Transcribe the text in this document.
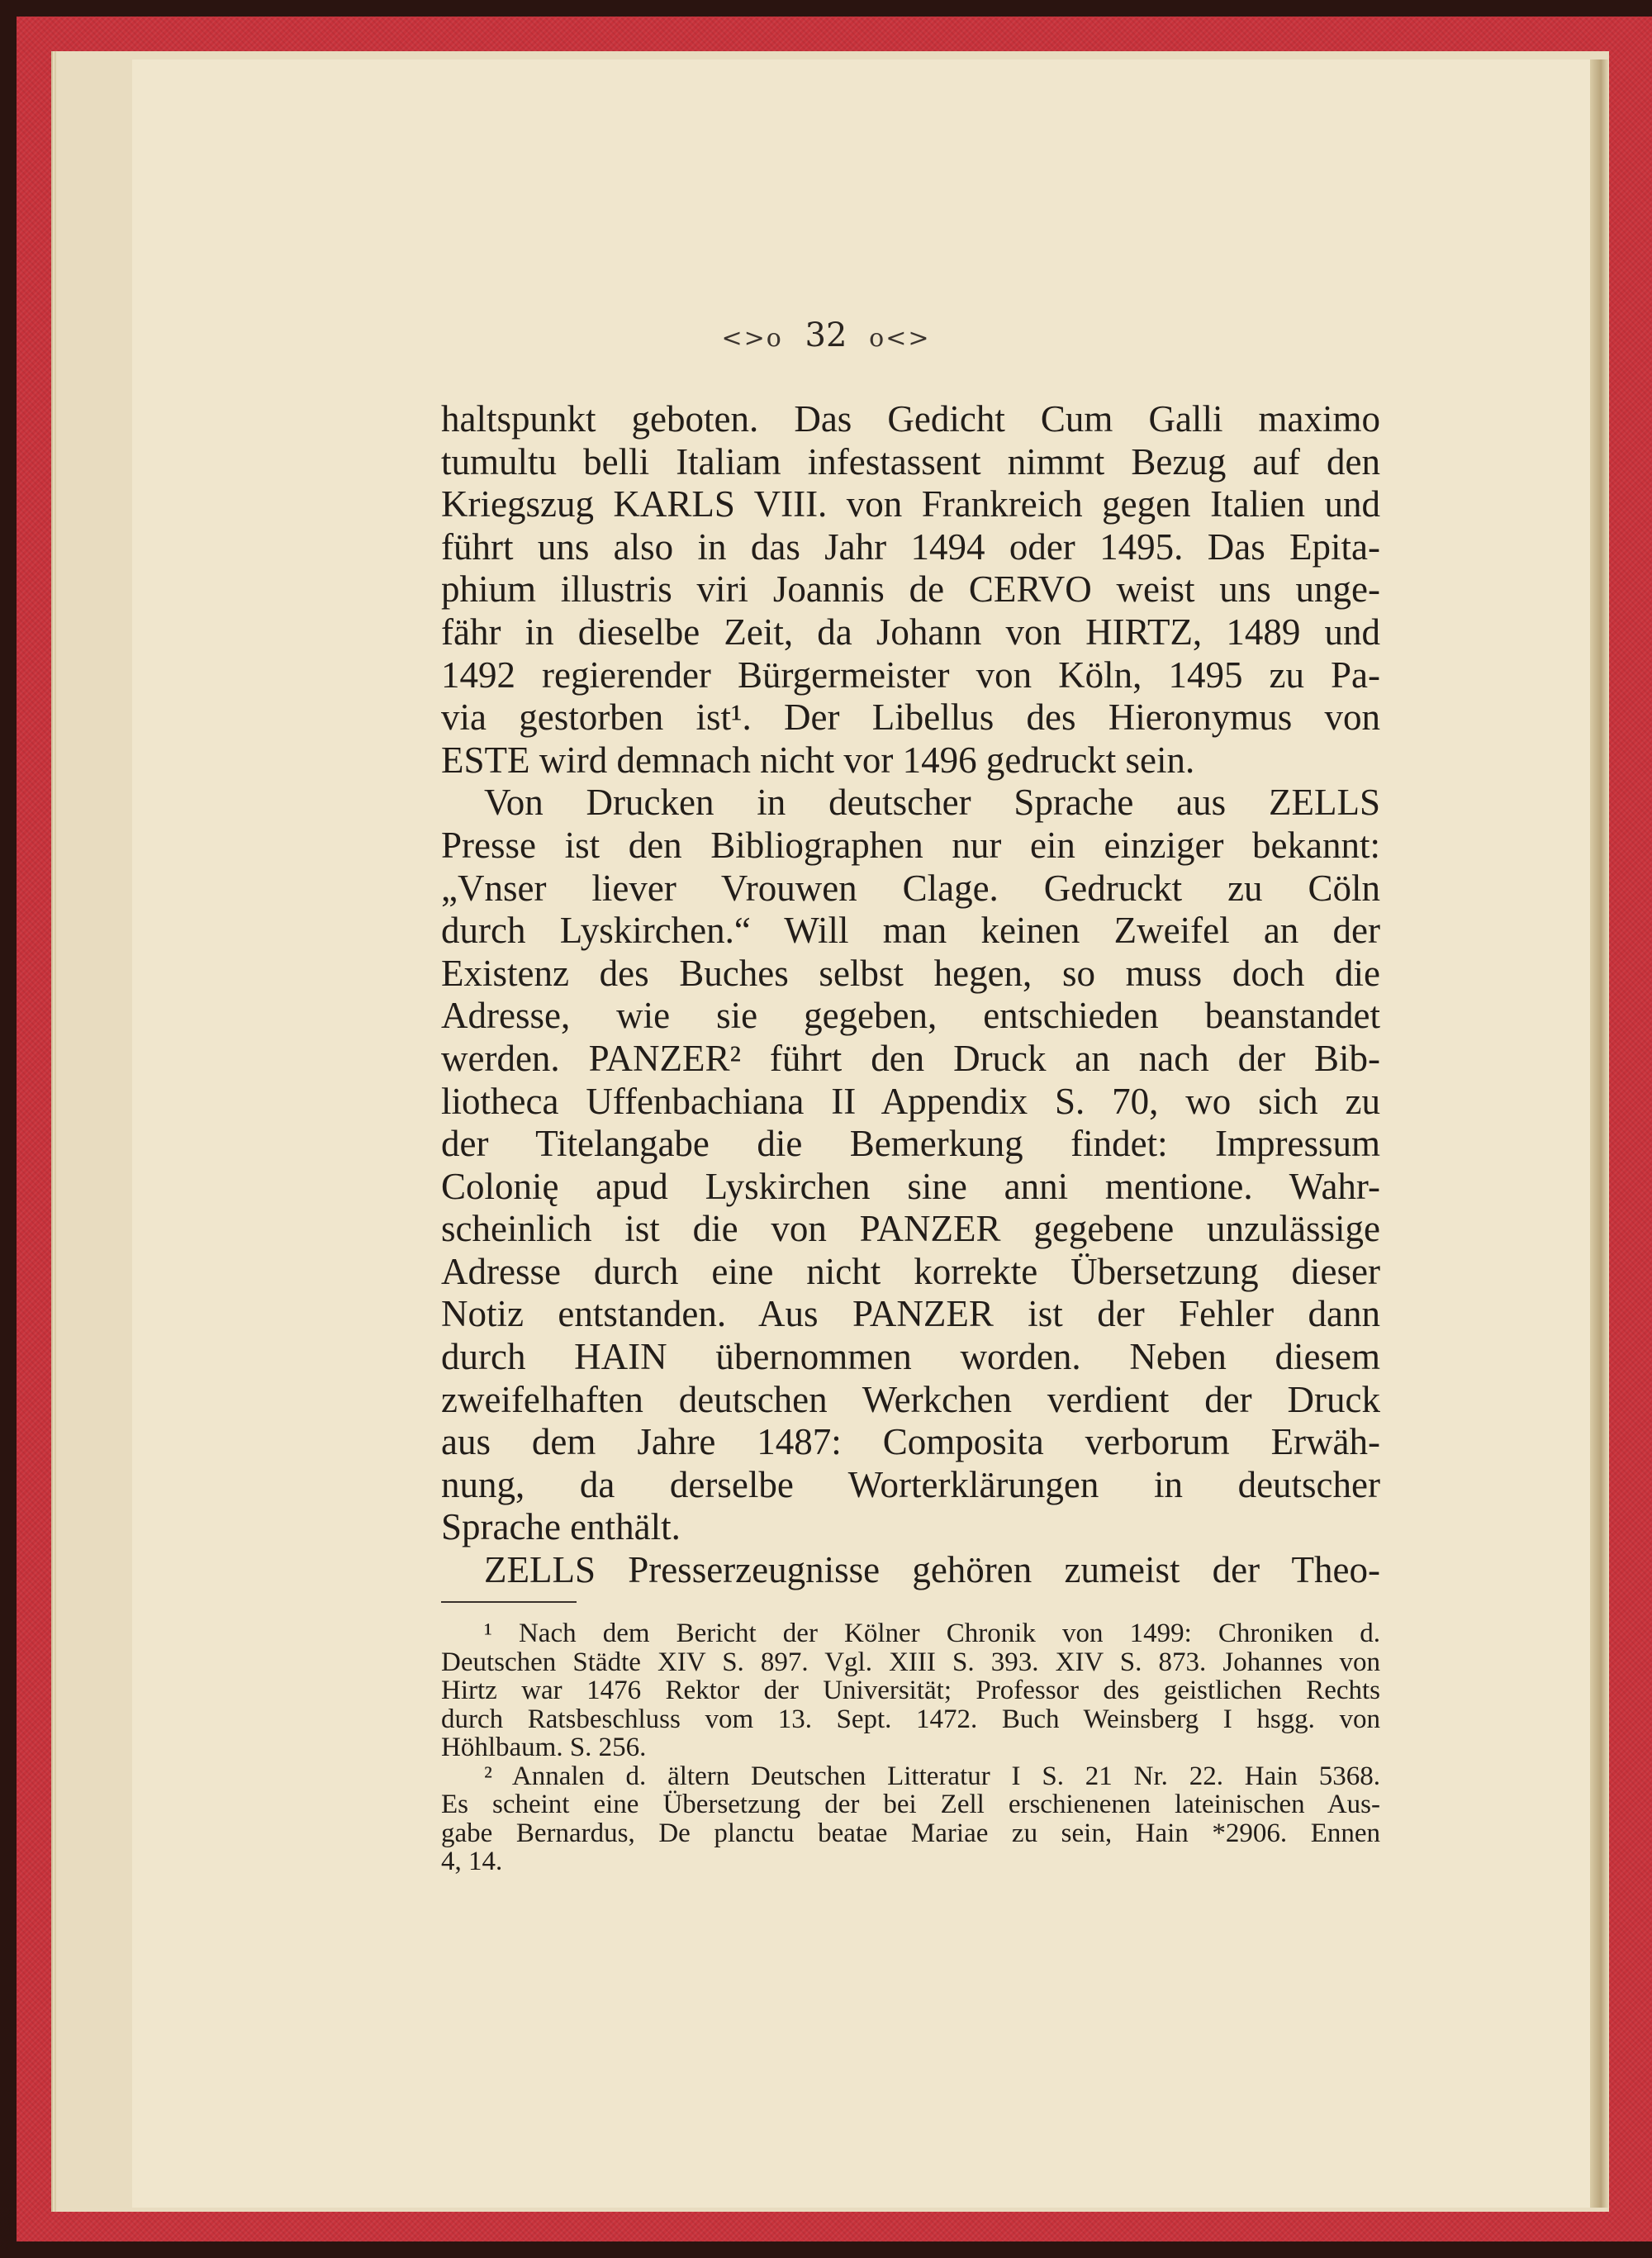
<>o 32 o<>
haltspunkt geboten. Das Gedicht Cum Galli maximo
tumultu belli Italiam infestassent nimmt Bezug auf den
Kriegszug KARLS VIII. von Frankreich gegen Italien und
führt uns also in das Jahr 1494 oder 1495. Das Epita-
phium illustris viri Joannis de CERVO weist uns unge-
fähr in dieselbe Zeit, da Johann von HIRTZ, 1489 und
1492 regierender Bürgermeister von Köln, 1495 zu Pa-
via gestorben ist¹. Der Libellus des Hieronymus von
ESTE wird demnach nicht vor 1496 gedruckt sein.
Von Drucken in deutscher Sprache aus ZELLS
Presse ist den Bibliographen nur ein einziger bekannt:
„Vnser liever Vrouwen Clage. Gedruckt zu Cöln
durch Lyskirchen.“ Will man keinen Zweifel an der
Existenz des Buches selbst hegen, so muss doch die
Adresse, wie sie gegeben, entschieden beanstandet
werden. PANZER² führt den Druck an nach der Bib-
liotheca Uffenbachiana II Appendix S. 70, wo sich zu
der Titelangabe die Bemerkung findet: Impressum
Colonię apud Lyskirchen sine anni mentione. Wahr-
scheinlich ist die von PANZER gegebene unzulässige
Adresse durch eine nicht korrekte Übersetzung dieser
Notiz entstanden. Aus PANZER ist der Fehler dann
durch HAIN übernommen worden. Neben diesem
zweifelhaften deutschen Werkchen verdient der Druck
aus dem Jahre 1487: Composita verborum Erwäh-
nung, da derselbe Worterklärungen in deutscher
Sprache enthält.
ZELLS Presserzeugnisse gehören zumeist der Theo-
¹ Nach dem Bericht der Kölner Chronik von 1499: Chroniken d.
Deutschen Städte XIV S. 897. Vgl. XIII S. 393. XIV S. 873. Johannes von
Hirtz war 1476 Rektor der Universität; Professor des geistlichen Rechts
durch Ratsbeschluss vom 13. Sept. 1472. Buch Weinsberg I hsgg. von
Höhlbaum. S. 256.
² Annalen d. ältern Deutschen Litteratur I S. 21 Nr. 22. Hain 5368.
Es scheint eine Übersetzung der bei Zell erschienenen lateinischen Aus-
gabe Bernardus, De planctu beatae Mariae zu sein, Hain *2906. Ennen
4, 14.
